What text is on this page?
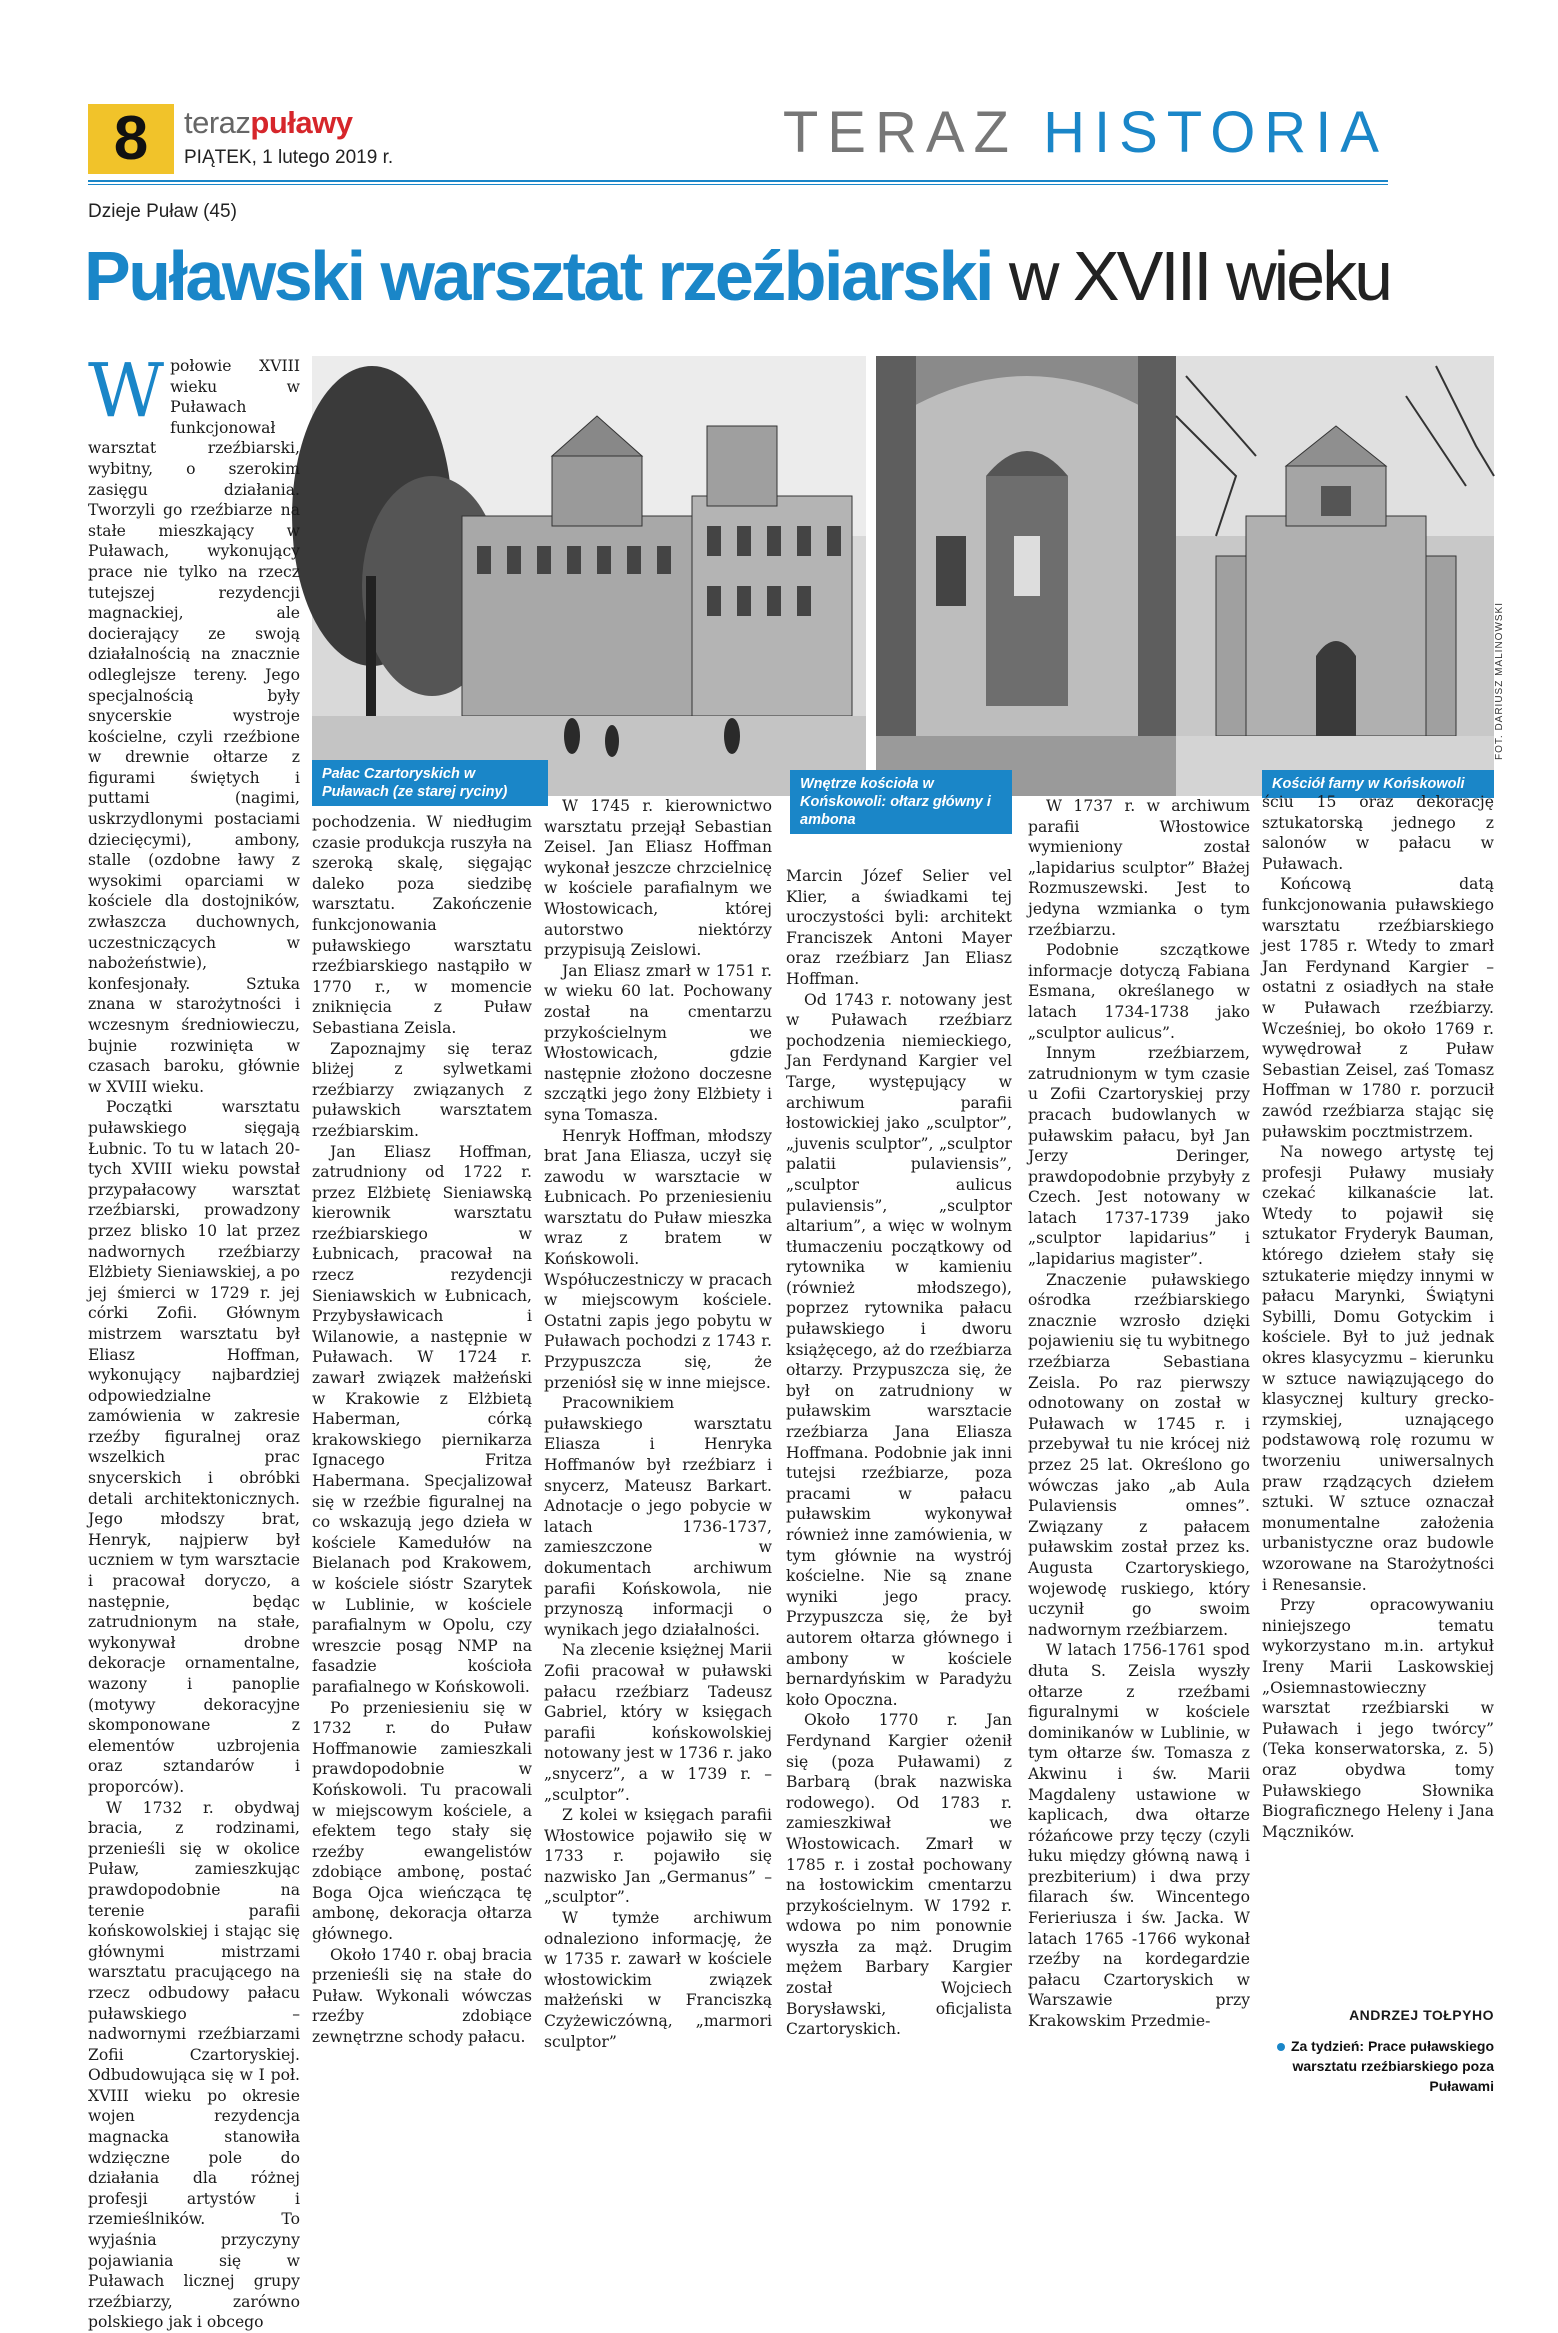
8	terazpuławy
PIĄTEK, 1 lutego 2019 r.	TERAZ HISTORIA
Dzieje Puław (45)
Puławski warsztat rzeźbiarski w XVIII wieku
Pałac Czartoryskich w Puławach (ze starej ryciny)	Wnętrze kościoła w Końskowoli: ołtarz główny i ambona
Kościół farny w Końskowoli
FOT. DARIUSZ MALINOWSKI

Wpołowie XVIII wieku w Puławach funkcjonował warsztat rzeźbiarski, wybitny, o szerokim zasięgu działania. Tworzyli go rzeźbiarze na stałe mieszkający w Puławach, wykonujący prace nie tylko na rzecz tutejszej rezydencji magnackiej, ale docierający ze swoją działalnością na znacznie odleglejsze tereny. Jego specjalnością były snycerskie wystroje kościelne, czyli rzeźbione w drewnie ołtarze z figurami świętych i puttami (nagimi, uskrzydlonymi postaciami dziecięcymi), ambony, stalle (ozdobne ławy z wysokimi oparciami w kościele dla dostojników, zwłaszcza duchownych, uczestniczących w nabożeństwie), konfesjonały. Sztuka znana w starożytności i wczesnym średniowieczu, bujnie rozwinięta w czasach baroku, głównie w XVIII wieku.

Początki warsztatu puławskiego sięgają Łubnic. To tu w latach 20-tych XVIII wieku powstał przypałacowy warsztat rzeźbiarski, prowadzony przez blisko 10 lat przez nadwornych rzeźbiarzy Elżbiety Sieniawskiej, a po jej śmierci w 1729 r. jej córki Zofii. Głównym mistrzem warsztatu był Eliasz Hoffman, wykonujący najbardziej odpowiedzialne zamówienia w zakresie rzeźby figuralnej oraz wszelkich prac snycerskich i obróbki detali architektonicznych. Jego młodszy brat, Henryk, najpierw był uczniem w tym warsztacie i pracował doryczo, a następnie, będąc zatrudnionym na stałe, wykonywał drobne dekoracje ornamentalne, wazony i panoplie (motywy dekoracyjne skomponowane z elementów uzbrojenia oraz sztandarów i proporców).

W 1732 r. obydwaj bracia, z rodzinami, przenieśli się w okolice Puław, zamieszkując prawdopodobnie na terenie parafii końskowolskiej i stając się głównymi mistrzami warsztatu pracującego na rzecz odbudowy pałacu puławskiego – nadwornymi rzeźbiarzami Zofii Czartoryskiej. Odbudowująca się w I poł. XVIII wieku po okresie wojen rezydencja magnacka stanowiła wdzięczne pole do działania dla różnej profesji artystów i rzemieślników. To wyjaśnia przyczyny pojawiania się w Puławach licznej grupy rzeźbiarzy, zarówno polskiego jak i obcego

pochodzenia. W niedługim czasie produkcja ruszyła na szeroką skalę, sięgając daleko poza siedzibę warsztatu. Zakończenie funkcjonowania puławskiego warsztatu rzeźbiarskiego nastąpiło w 1770 r., w momencie zniknięcia z Puław Sebastiana Zeisla.

Zapoznajmy się teraz bliżej z sylwetkami rzeźbiarzy związanych z puławskich warsztatem rzeźbiarskim.

Jan Eliasz Hoffman, zatrudniony od 1722 r. przez Elżbietę Sieniawską kierownik warsztatu rzeźbiarskiego w Łubnicach, pracował na rzecz rezydencji Sieniawskich w Łubnicach, Przybysławicach i Wilanowie, a następnie w Puławach. W 1724 r. zawarł związek małżeński w Krakowie z Elżbietą Haberman, córką krakowskiego piernikarza Ignacego Fritza Habermana. Specjalizował się w rzeźbie figuralnej na co wskazują jego dzieła w kościele Kamedułów na Bielanach pod Krakowem, w kościele sióstr Szarytek w Lublinie, w kościele parafialnym w Opolu, czy wreszcie posąg NMP na fasadzie kościoła parafialnego w Końskowoli.

Po przeniesieniu się w 1732 r. do Puław Hoffmanowie zamieszkali prawdopodobnie w Końskowoli. Tu pracowali w miejscowym kościele, a efektem tego stały się rzeźby ewangelistów zdobiące ambonę, postać Boga Ojca wieńcząca tę ambonę, dekoracja ołtarza głównego.

Około 1740 r. obaj bracia przenieśli się na stałe do Puław. Wykonali wówczas rzeźby zdobiące zewnętrzne schody pałacu.

W 1745 r. kierownictwo warsztatu przejął Sebastian Zeisel. Jan Eliasz Hoffman wykonał jeszcze chrzcielnicę w kościele parafialnym we Włostowicach, której autorstwo niektórzy przypisują Zeislowi.

Jan Eliasz zmarł w 1751 r. w wieku 60 lat. Pochowany został na cmentarzu przykościelnym we Włostowicach, gdzie następnie złożono doczesne szczątki jego żony Elżbiety i syna Tomasza.

Henryk Hoffman, młodszy brat Jana Eliasza, uczył się zawodu w warsztacie w Łubnicach. Po przeniesieniu warsztatu do Puław mieszka wraz z bratem w Końskowoli. Współuczestniczy w pracach w miejscowym kościele. Ostatni zapis jego pobytu w Puławach pochodzi z 1743 r. Przypuszcza się, że przeniósł się w inne miejsce.

Pracownikiem puławskiego warsztatu Eliasza i Henryka Hoffmanów był rzeźbiarz i snycerz, Mateusz Barkart. Adnotacje o jego pobycie w latach 1736-1737, zamieszczone w dokumentach archiwum parafii Końskowola, nie przynoszą informacji o wynikach jego działalności.

Na zlecenie księżnej Marii Zofii pracował w puławski pałacu rzeźbiarz Tadeusz Gabriel, który w księgach parafii końskowolskiej notowany jest w 1736 r. jako „snycerz”, a w 1739 r. – „sculptor”.

Z kolei w księgach parafii Włostowice pojawiło się w 1733 r. pojawiło się nazwisko Jan „Germanus” – „sculptor”.

W tymże archiwum odnaleziono informację, że w 1735 r. zawarł w kościele włostowickim związek małżeński w Franciszką Czyżewiczówną, „marmori sculptor”

Marcin Józef Selier vel Klier, a świadkami tej uroczystości byli: architekt Franciszek Antoni Mayer oraz rzeźbiarz Jan Eliasz Hoffman.

Od 1743 r. notowany jest w Puławach rzeźbiarz pochodzenia niemieckiego, Jan Ferdynand Kargier vel Targe, występujący w archiwum parafii łostowickiej jako „sculptor”, „juvenis sculptor”, „sculptor palatii pulaviensis”, „sculptor aulicus pulaviensis”, „sculptor altarium”, a więc w wolnym tłumaczeniu początkowy od rytownika w kamieniu (również młodszego), poprzez rytownika pałacu puławskiego i dworu książęcego, aż do rzeźbiarza ołtarzy. Przypuszcza się, że był on zatrudniony w puławskim warsztacie rzeźbiarza Jana Eliasza Hoffmana. Podobnie jak inni tutejsi rzeźbiarze, poza pracami w pałacu puławskim wykonywał również inne zamówienia, w tym głównie na wystrój kościelne. Nie są znane wyniki jego pracy. Przypuszcza się, że był autorem ołtarza głównego i ambony w kościele bernardyńskim w Paradyżu koło Opoczna.

Około 1770 r. Jan Ferdynand Kargier ożenił się (poza Puławami) z Barbarą (brak nazwiska rodowego). Od 1783 r. zamieszkiwał we Włostowicach. Zmarł w 1785 r. i został pochowany na łostowickim cmentarzu przykościelnym. W 1792 r. wdowa po nim ponownie wyszła za mąż. Drugim mężem Barbary Kargier został Wojciech Borysławski, oficjalista Czartoryskich.

W 1737 r. w archiwum parafii Włostowice wymieniony został „lapidarius sculptor” Błażej Rozmuszewski. Jest to jedyna wzmianka o tym rzeźbiarzu.

Podobnie szczątkowe informacje dotyczą Fabiana Esmana, określanego w latach 1734-1738 jako „sculptor aulicus”.

Innym rzeźbiarzem, zatrudnionym w tym czasie u Zofii Czartoryskiej przy pracach budowlanych w puławskim pałacu, był Jan Jerzy Deringer, prawdopodobnie przybyły z Czech. Jest notowany w latach 1737-1739 jako „sculptor lapidarius” i „lapidarius magister”.

Znaczenie puławskiego ośrodka rzeźbiarskiego znacznie wzrosło dzięki pojawieniu się tu wybitnego rzeźbiarza Sebastiana Zeisla. Po raz pierwszy odnotowany on został w Puławach w 1745 r. i przebywał tu nie krócej niż przez 25 lat. Określono go wówczas jako „ab Aula Pulaviensis omnes”. Związany z pałacem puławskim został przez ks. Augusta Czartoryskiego, wojewodę ruskiego, który uczynił go swoim nadwornym rzeźbiarzem.

W latach 1756-1761 spod dłuta S. Zeisla wyszły ołtarze z rzeźbami figuralnymi w kościele dominikanów w Lublinie, w tym ołtarze św. Tomasza z Akwinu i św. Marii Magdaleny ustawione w kaplicach, dwa ołtarze różańcowe przy tęczy (czyli łuku między główną nawą i prezbiterium) i dwa przy filarach św. Wincentego Ferieriusza i św. Jacka. W latach 1765 -1766 wykonał rzeźby na kordegardzie pałacu Czartoryskich w Warszawie przy Krakowskim Przedmie-

ściu 15 oraz dekorację sztukatorską jednego z salonów w pałacu w Puławach.

Końcową datą funkcjonowania puławskiego warsztatu rzeźbiarskiego jest 1785 r. Wtedy to zmarł Jan Ferdynand Kargier – ostatni z osiadłych na stałe w Puławach rzeźbiarzy. Wcześniej, bo około 1769 r. wywędrował z Puław Sebastian Zeisel, zaś Tomasz Hoffman w 1780 r. porzucił zawód rzeźbiarza stając się puławskim pocztmistrzem.

Na nowego artystę tej profesji Puławy musiały czekać kilkanaście lat. Wtedy to pojawił się sztukator Fryderyk Bauman, którego dziełem stały się sztukaterie między innymi w pałacu Marynki, Świątyni Sybilli, Domu Gotyckim i kościele. Był to już jednak okres klasycyzmu – kierunku w sztuce nawiązującego do klasycznej kultury grecko-rzymskiej, uznającego podstawową rolę rozumu w tworzeniu uniwersalnych praw rządzących dziełem sztuki. W sztuce oznaczał monumentalne założenia urbanistyczne oraz budowle wzorowane na Starożytności i Renesansie.

Przy opracowywaniu niniejszego tematu wykorzystano m.in. artykuł Ireny Marii Laskowskiej „Osiemnastowieczny warsztat rzeźbiarski w Puławach i jego twórcy” (Teka konserwatorska, z. 5) oraz obydwa tomy Puławskiego Słownika Biograficznego Heleny i Jana Mączników.

ANDRZEJ TOŁPYHO
Za tydzień: Prace puławskiego warsztatu rzeźbiarskiego poza Puławami
